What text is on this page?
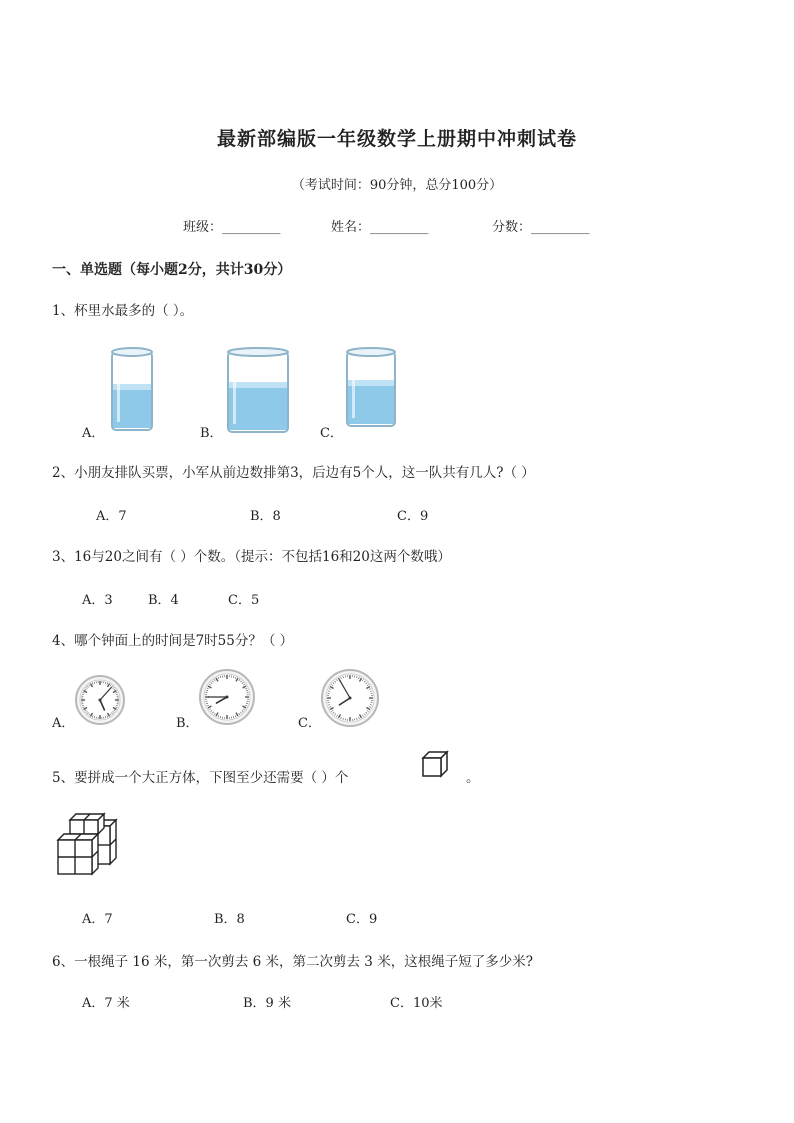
最新部编版一年级数学上册期中冲刺试卷
（考试时间：90分钟，总分100分）
班级：_________	姓名：_________	分数：_________
一、单选题（每小题2分，共计30分）
1、杯里水最多的（ ）。
A．	B．	C．
2、小朋友排队买票，小军从前边数排第3，后边有5个人，这一队共有几人?（ ）
A．7	B．8	C．9
3、16与20之间有（ ）个数。（提示：不包括16和20这两个数哦）
A．3	B．4	C．5
4、哪个钟面上的时间是7时55分？（ ）
A．	B．	C．
5、要拼成一个大正方体，下图至少还需要（ ）个	。
A．7	B．8	C．9
6、一根绳子 16 米，第一次剪去 6 米，第二次剪去 3 米，这根绳子短了多少米?
A．7 米	B．9 米	C．10米
